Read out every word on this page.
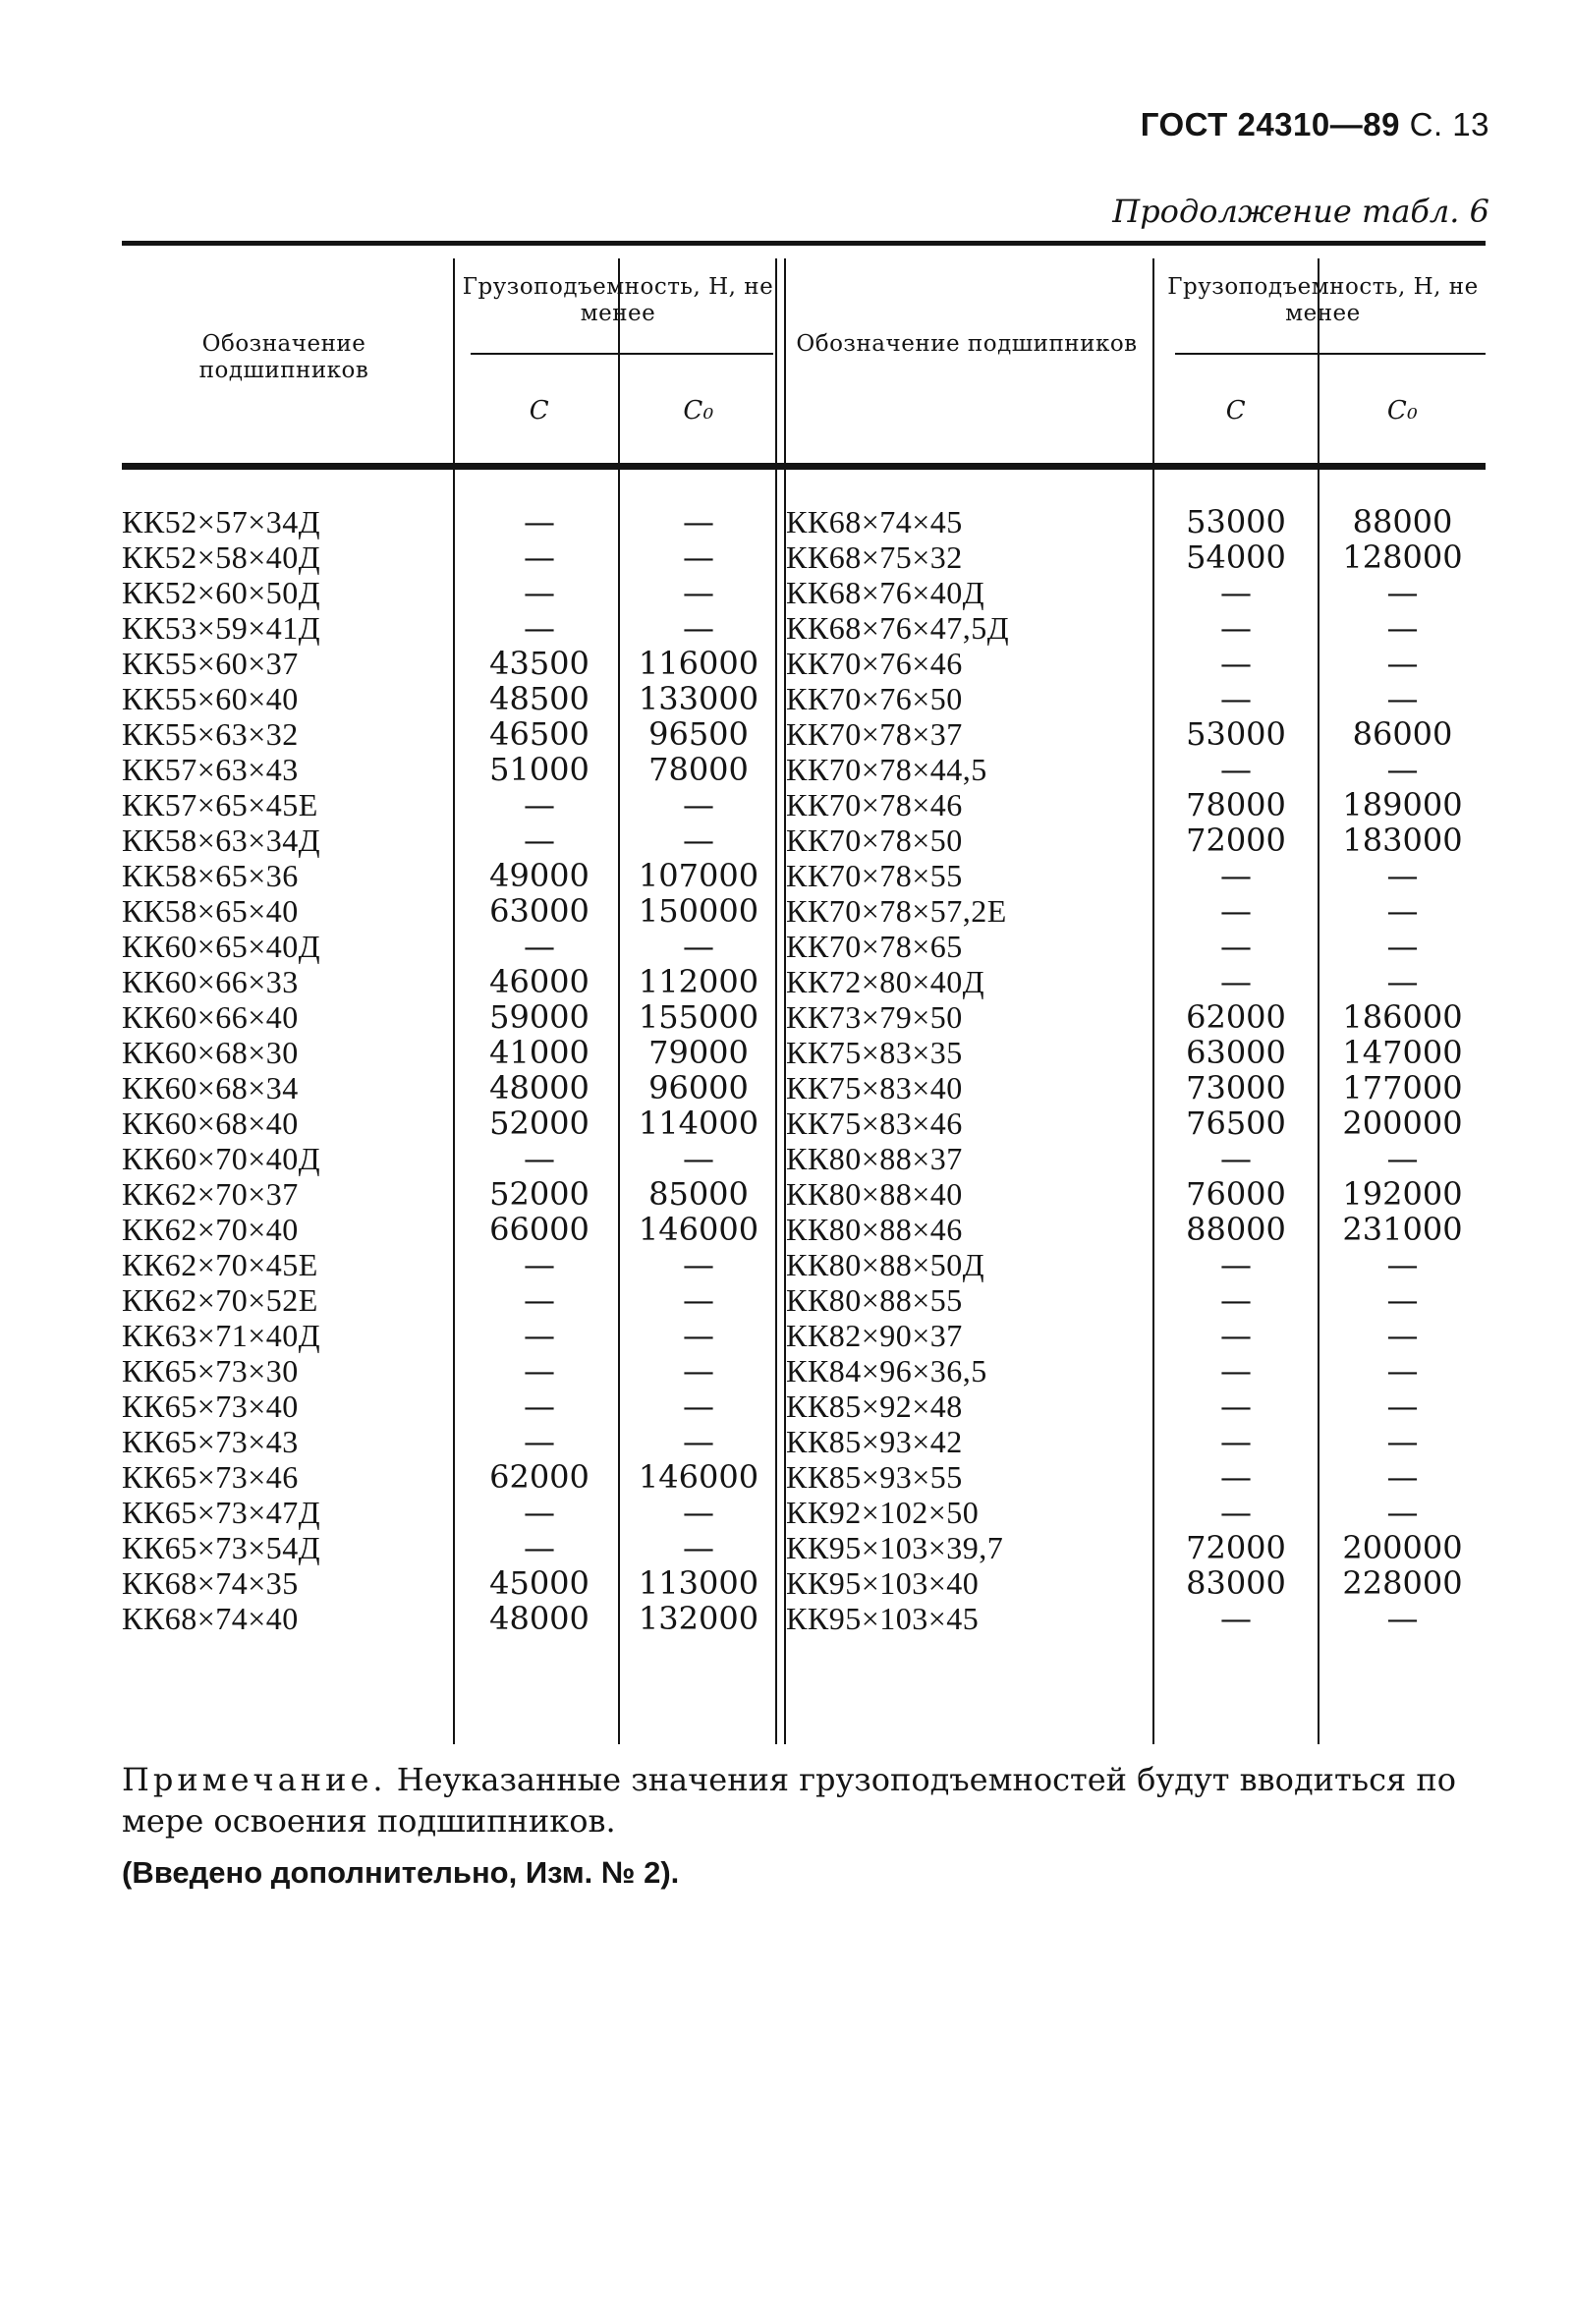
ГОСТ 24310—89 С. 13
Продолжение табл. 6
Обозначение подшипников
Грузоподъемность, Н, не менее
С	С₀
Обозначение подшипников
Грузоподъемность, Н, не менее
С	С₀
КК52×57×34Д
КК52×58×40Д
КК52×60×50Д
КК53×59×41Д
КК55×60×37
КК55×60×40
КК55×63×32
КК57×63×43
КК57×65×45Е
КК58×63×34Д
КК58×65×36
КК58×65×40
КК60×65×40Д
КК60×66×33
КК60×66×40
КК60×68×30
КК60×68×34
КК60×68×40
КК60×70×40Д
КК62×70×37
КК62×70×40
КК62×70×45Е
КК62×70×52Е
КК63×71×40Д
КК65×73×30
КК65×73×40
КК65×73×43
КК65×73×46
КК65×73×47Д
КК65×73×54Д
КК68×74×35
КК68×74×40
—
—
—
—
43500
48500
46500
51000
—
—
49000
63000
—
46000
59000
41000
48000
52000
—
52000
66000
—
—
—
—
—
—
62000
—
—
45000
48000
—
—
—
—
116000
133000
96500
78000
—
—
107000
150000
—
112000
155000
79000
96000
114000
—
85000
146000
—
—
—
—
—
—
146000
—
—
113000
132000
КК68×74×45
КК68×75×32
КК68×76×40Д
КК68×76×47,5Д
КК70×76×46
КК70×76×50
КК70×78×37
КК70×78×44,5
КК70×78×46
КК70×78×50
КК70×78×55
КК70×78×57,2Е
КК70×78×65
КК72×80×40Д
КК73×79×50
КК75×83×35
КК75×83×40
КК75×83×46
КК80×88×37
КК80×88×40
КК80×88×46
КК80×88×50Д
КК80×88×55
КК82×90×37
КК84×96×36,5
КК85×92×48
КК85×93×42
КК85×93×55
КК92×102×50
КК95×103×39,7
КК95×103×40
КК95×103×45
53000
54000
—
—
—
—
53000
—
78000
72000
—
—
—
—
62000
63000
73000
76500
—
76000
88000
—
—
—
—
—
—
—
—
72000
83000
—
88000
128000
—
—
—
—
86000
—
189000
183000
—
—
—
—
186000
147000
177000
200000
—
192000
231000
—
—
—
—
—
—
—
—
200000
228000
—
Примечание. Неуказанные значения грузоподъемностей будут вводиться по мере освоения подшипников.
(Введено дополнительно, Изм. № 2).
